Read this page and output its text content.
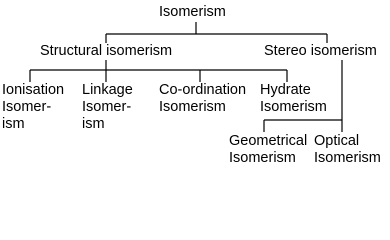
Isomerism
Structural isomerism	Stereo isomerism
Ionisation
Isomer-
ism
Linkage
Isomer-
ism
Co-ordination
Isomerism
Hydrate
Isomerism
Geometrical
Isomerism
Optical
Isomerism
